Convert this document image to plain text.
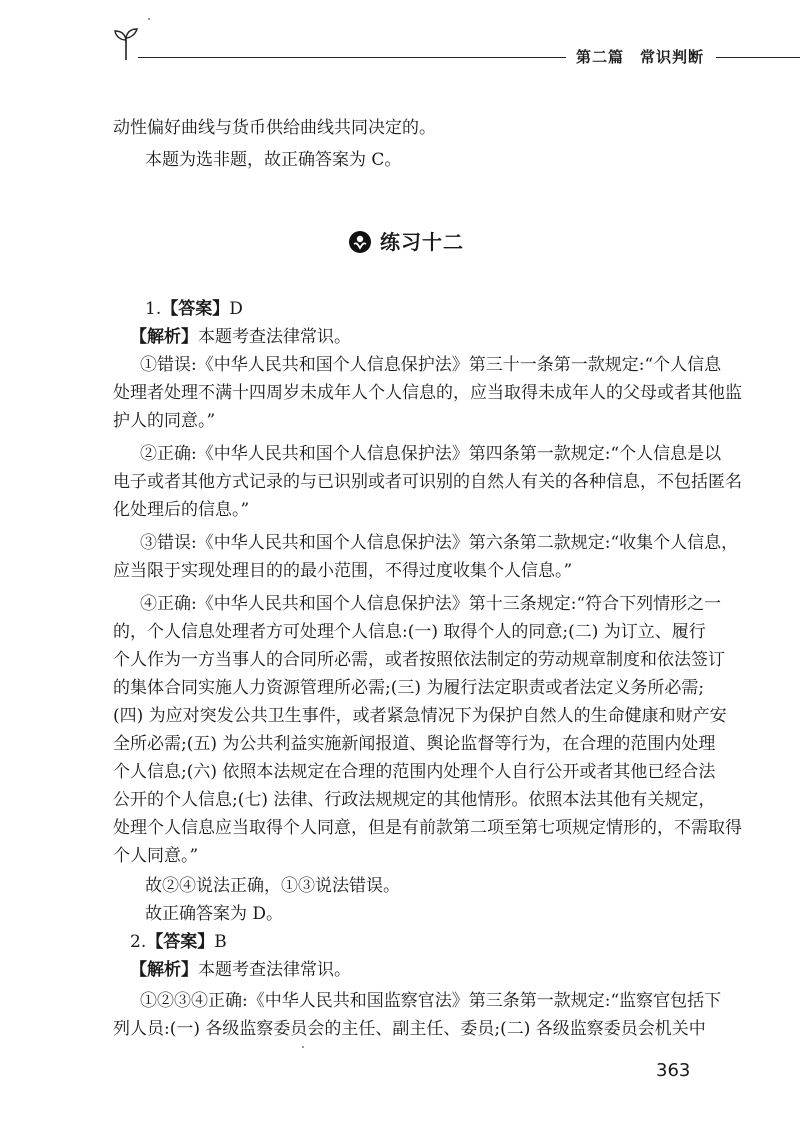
第二篇　常识判断
动性偏好曲线与货币供给曲线共同决定的。
本题为选非题，故正确答案为 C。
练习十二
1.【答案】D
【解析】本题考查法律常识。
①错误:《中华人民共和国个人信息保护法》第三十一条第一款规定:“个人信息
处理者处理不满十四周岁未成年人个人信息的，应当取得未成年人的父母或者其他监
护人的同意。”
②正确:《中华人民共和国个人信息保护法》第四条第一款规定:“个人信息是以
电子或者其他方式记录的与已识别或者可识别的自然人有关的各种信息，不包括匿名
化处理后的信息。”
③错误:《中华人民共和国个人信息保护法》第六条第二款规定:“收集个人信息，
应当限于实现处理目的的最小范围，不得过度收集个人信息。”
④正确:《中华人民共和国个人信息保护法》第十三条规定:“符合下列情形之一
的，个人信息处理者方可处理个人信息:(一) 取得个人的同意;(二) 为订立、履行
个人作为一方当事人的合同所必需，或者按照依法制定的劳动规章制度和依法签订
的集体合同实施人力资源管理所必需;(三) 为履行法定职责或者法定义务所必需;
(四) 为应对突发公共卫生事件，或者紧急情况下为保护自然人的生命健康和财产安
全所必需;(五) 为公共利益实施新闻报道、舆论监督等行为，在合理的范围内处理
个人信息;(六) 依照本法规定在合理的范围内处理个人自行公开或者其他已经合法
公开的个人信息;(七) 法律、行政法规规定的其他情形。依照本法其他有关规定，
处理个人信息应当取得个人同意，但是有前款第二项至第七项规定情形的，不需取得
个人同意。”
故②④说法正确，①③说法错误。
故正确答案为 D。
2.【答案】B
【解析】本题考查法律常识。
①②③④正确:《中华人民共和国监察官法》第三条第一款规定:“监察官包括下
列人员:(一) 各级监察委员会的主任、副主任、委员;(二) 各级监察委员会机关中
363
